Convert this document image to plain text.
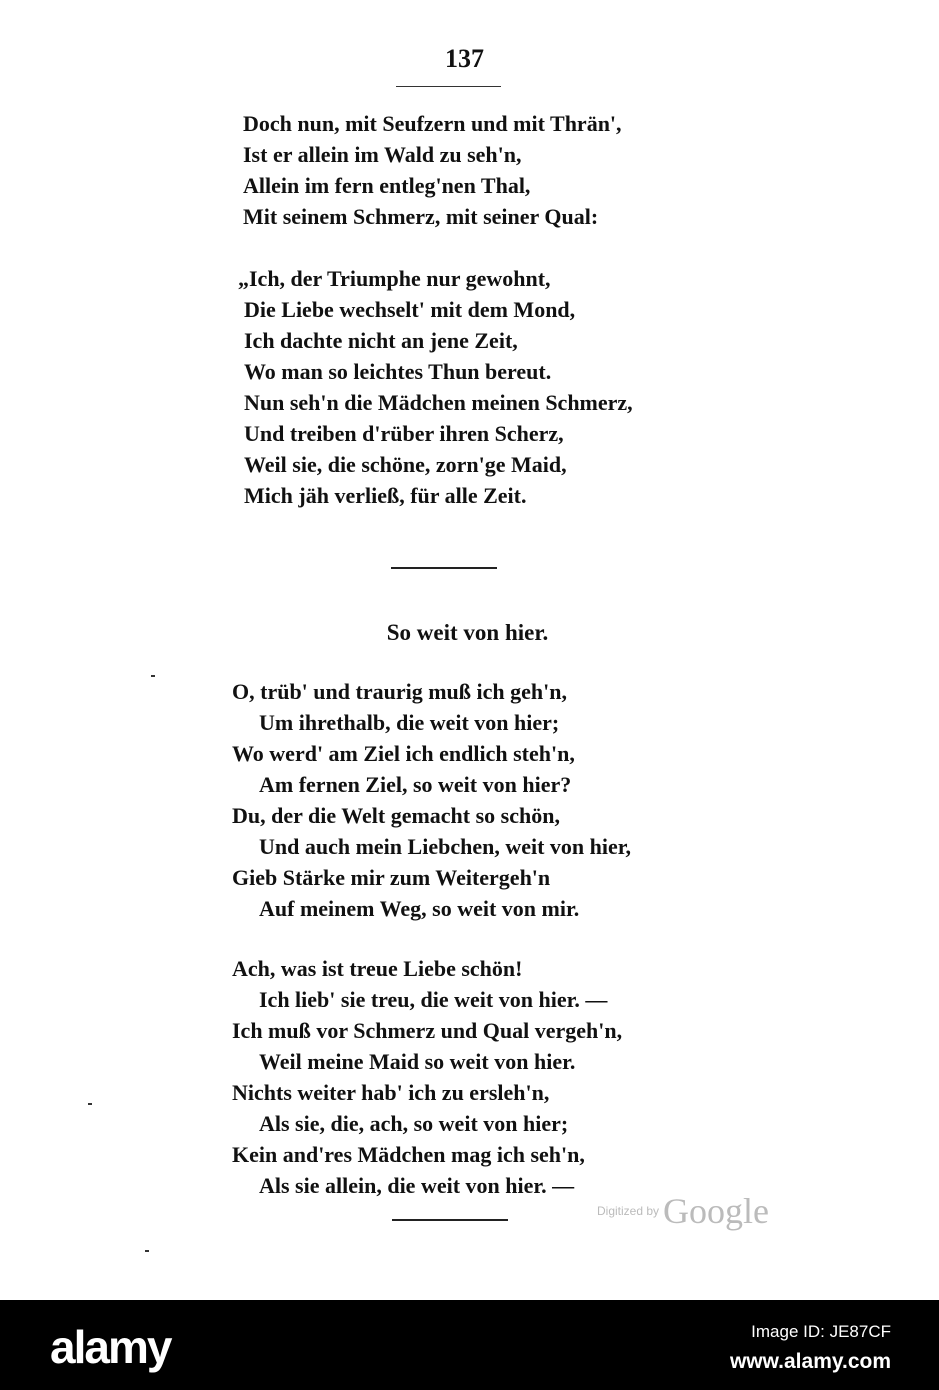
137
Doch nun, mit Seufzern und mit Thrän',
Ist er allein im Wald zu seh'n,
Allein im fern entleg'nen Thal,
Mit seinem Schmerz, mit seiner Qual:
„Ich, der Triumphe nur gewohnt,
Die Liebe wechselt' mit dem Mond,
Ich dachte nicht an jene Zeit,
Wo man so leichtes Thun bereut.
Nun seh'n die Mädchen meinen Schmerz,
Und treiben d'rüber ihren Scherz,
Weil sie, die schöne, zorn'ge Maid,
Mich jäh verließ, für alle Zeit.
So weit von hier.
O, trüb' und traurig muß ich geh'n,
Um ihrethalb, die weit von hier;
Wo werd' am Ziel ich endlich steh'n,
Am fernen Ziel, so weit von hier?
Du, der die Welt gemacht so schön,
Und auch mein Liebchen, weit von hier,
Gieb Stärke mir zum Weitergeh'n
Auf meinem Weg, so weit von mir.
Ach, was ist treue Liebe schön!
Ich lieb' sie treu, die weit von hier. —
Ich muß vor Schmerz und Qual vergeh'n,
Weil meine Maid so weit von hier.
Nichts weiter hab' ich zu ersleh'n,
Als sie, die, ach, so weit von hier;
Kein and'res Mädchen mag ich seh'n,
Als sie allein, die weit von hier. —
Digitized by Google
alamy	Image ID: JE87CF
www.alamy.com
